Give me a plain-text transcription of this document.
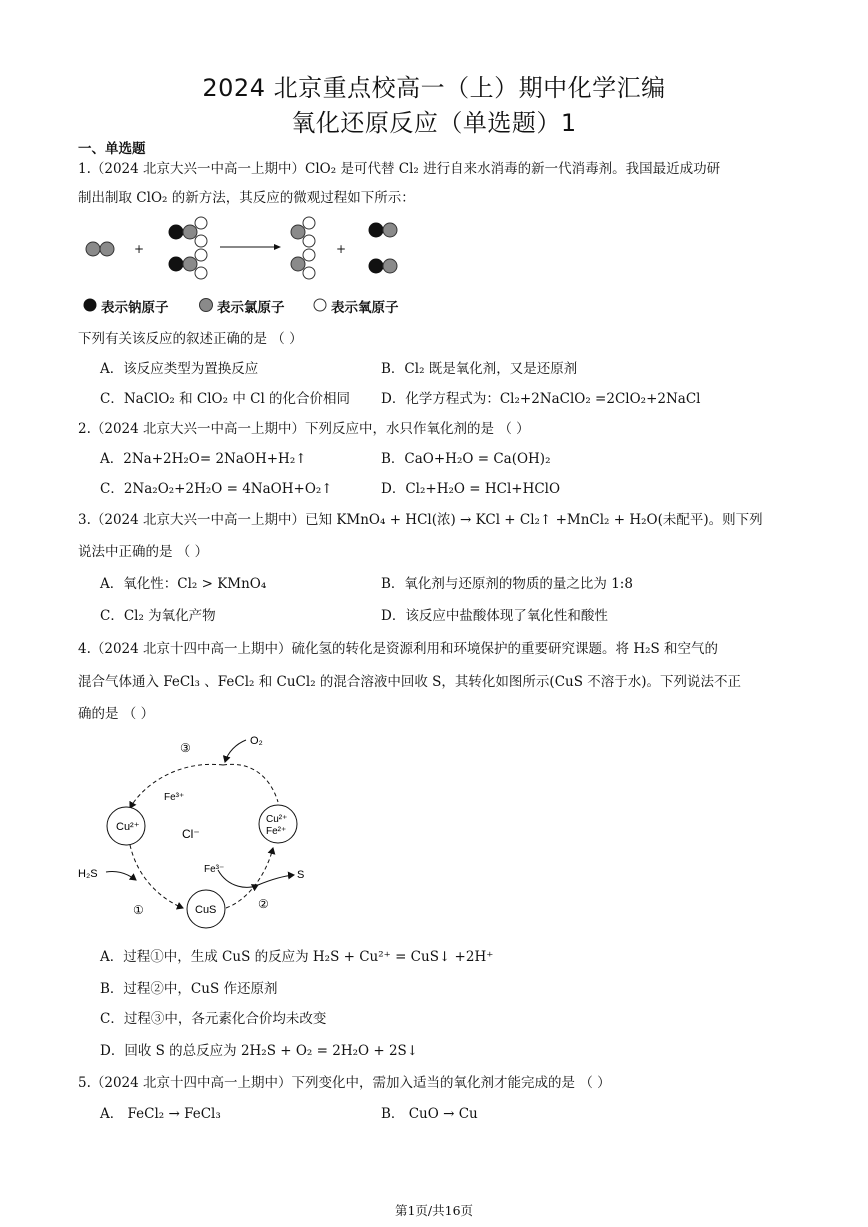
2024 北京重点校高一（上）期中化学汇编
氧化还原反应（单选题）1
一、单选题
1.（2024 北京大兴一中高一上期中）ClO₂ 是可代替 Cl₂ 进行自来水消毒的新一代消毒剂。我国最近成功研
制出制取 ClO₂ 的新方法，其反应的微观过程如下所示：
+	+
表示钠原子	表示氯原子	表示氧原子
下列有关该反应的叙述正确的是 （ ）
A．该反应类型为置换反应	B．Cl₂ 既是氧化剂，又是还原剂
C．NaClO₂ 和 ClO₂ 中 Cl 的化合价相同 D．化学方程式为：Cl₂+2NaClO₂ =2ClO₂+2NaCl
2.（2024 北京大兴一中高一上期中）下列反应中，水只作氧化剂的是 （ ）
A．2Na+2H₂O= 2NaOH+H₂↑	B．CaO+H₂O = Ca(OH)₂
C．2Na₂O₂+2H₂O = 4NaOH+O₂↑	D．Cl₂+H₂O = HCl+HClO
3.（2024 北京大兴一中高一上期中）已知 KMnO₄ + HCl(浓) → KCl + Cl₂↑ +MnCl₂ + H₂O(未配平)。则下列
说法中正确的是 （ ）
A．氧化性：Cl₂ > KMnO₄	B．氧化剂与还原剂的物质的量之比为 1:8
C．Cl₂ 为氧化产物	D．该反应中盐酸体现了氧化性和酸性
4.（2024 北京十四中高一上期中）硫化氢的转化是资源利用和环境保护的重要研究课题。将 H₂S 和空气的
混合气体通入 FeCl₃ 、FeCl₂ 和 CuCl₂ 的混合溶液中回收 S，其转化如图所示(CuS 不溶于水)。下列说法不正
确的是 （ ）
Cu²⁺
Cu²⁺
Fe²⁺
Cl⁻
Fe³⁺
Fe³⁻
CuS
O₂
H₂S	S
①	②
③
A．过程①中，生成 CuS 的反应为 H₂S + Cu²⁺ = CuS↓ +2H⁺
B．过程②中，CuS 作还原剂
C．过程③中，各元素化合价均未改变
D．回收 S 的总反应为 2H₂S + O₂ = 2H₂O + 2S↓
5.（2024 北京十四中高一上期中）下列变化中，需加入适当的氧化剂才能完成的是 （ ）
A． FeCl₂ → FeCl₃	B． CuO → Cu
第1页/共16页
